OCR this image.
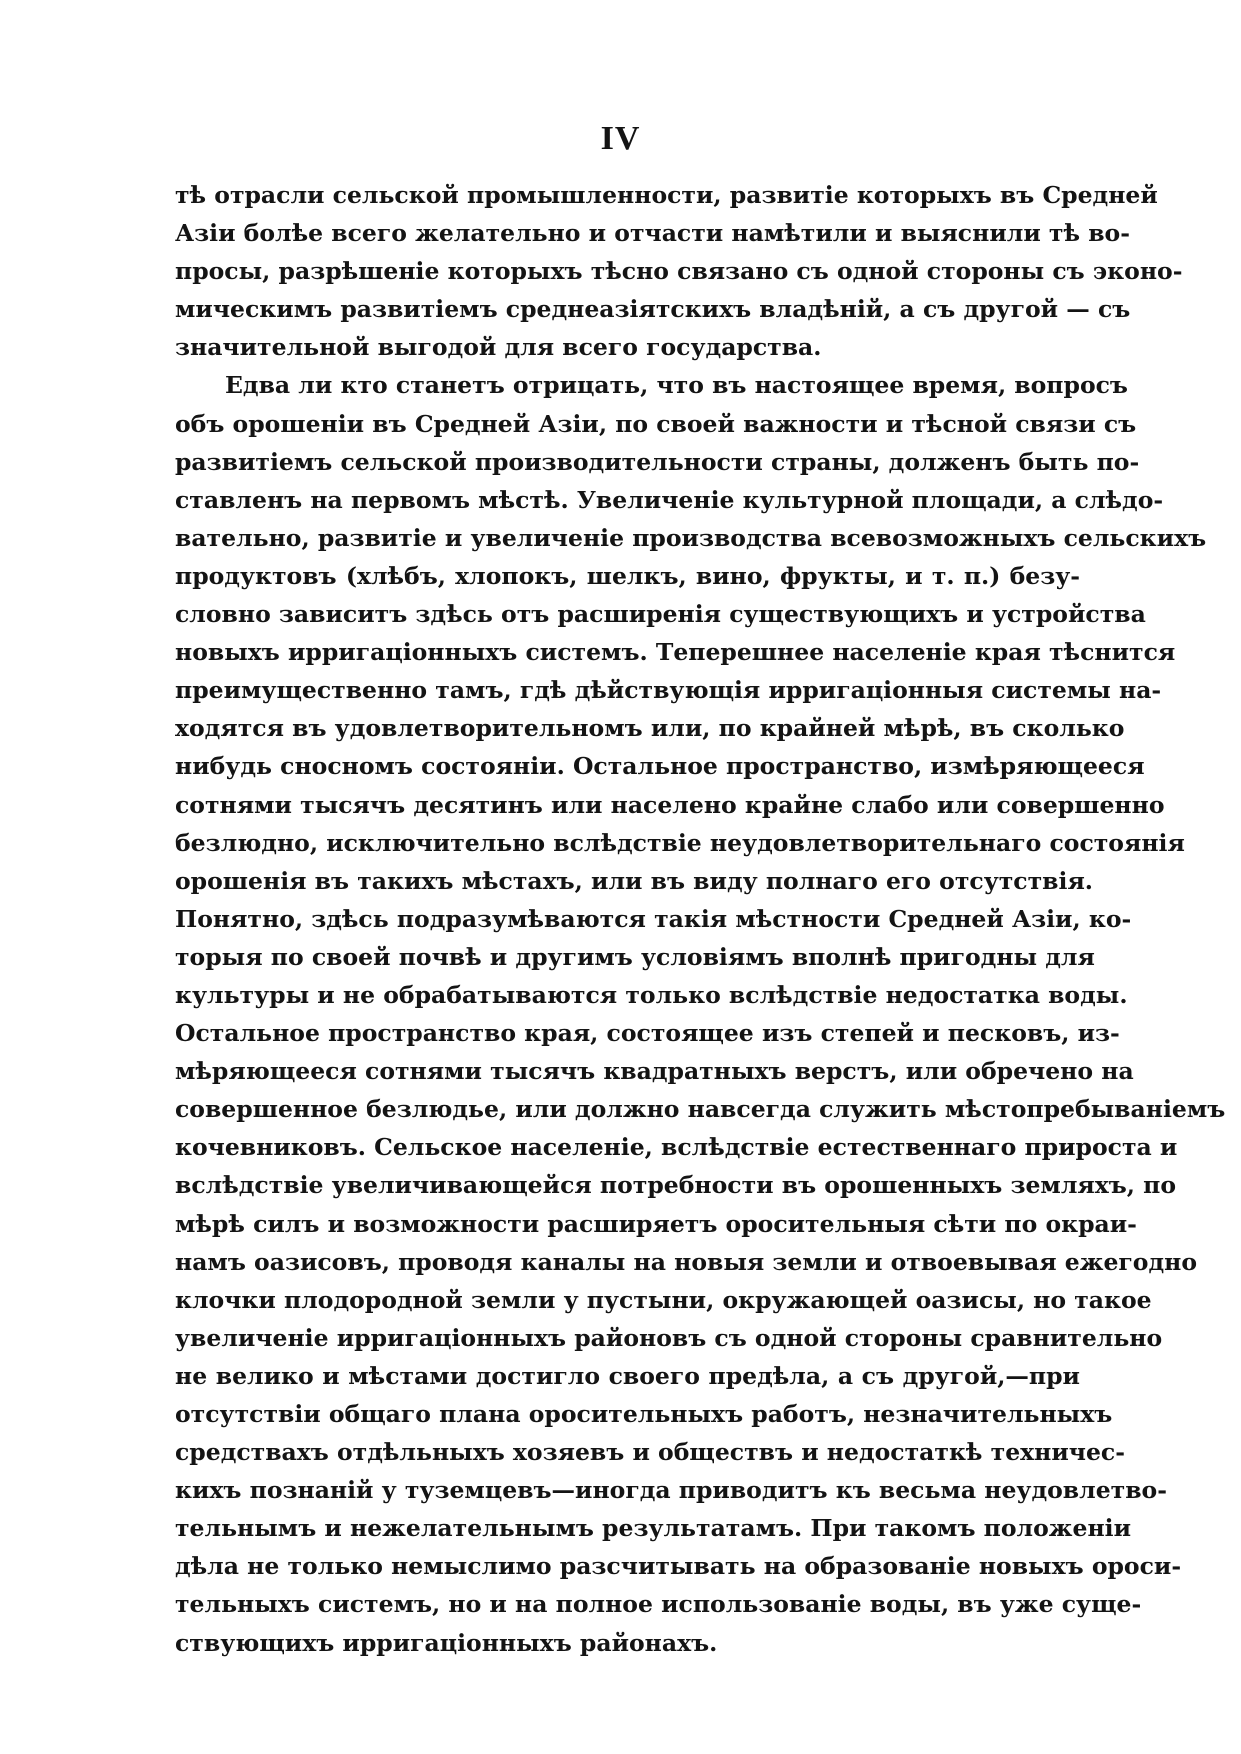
IV
тѣ отрасли сельской промышленности, развитіе которыхъ въ Средней
Азіи болѣе всего желательно и отчасти намѣтили и выяснили тѣ во-
просы, разрѣшеніе которыхъ тѣсно связано съ одной стороны съ эконо-
мическимъ развитіемъ среднеазіятскихъ владѣній, а съ другой — съ
значительной выгодой для всего государства.
Едва ли кто станетъ отрицать, что въ настоящее время, вопросъ
объ орошеніи въ Средней Азіи, по своей важности и тѣсной связи съ
развитіемъ сельской производительности страны, долженъ быть по-
ставленъ на первомъ мѣстѣ. Увеличеніе культурной площади, а слѣдо-
вательно, развитіе и увеличеніе производства всевозможныхъ сельскихъ
продуктовъ (хлѣбъ, хлопокъ, шелкъ, вино, фрукты, и т. п.) безу-
словно зависитъ здѣсь отъ расширенія существующихъ и устройства
новыхъ ирригаціонныхъ системъ. Теперешнее населеніе края тѣснится
преимущественно тамъ, гдѣ дѣйствующія ирригаціонныя системы на-
ходятся въ удовлетворительномъ или, по крайней мѣрѣ, въ сколько
нибудь сносномъ состояніи. Остальное пространство, измѣряющееся
сотнями тысячъ десятинъ или населено крайне слабо или совершенно
безлюдно, исключительно вслѣдствіе неудовлетворительнаго состоянія
орошенія въ такихъ мѣстахъ, или въ виду полнаго его отсутствія.
Понятно, здѣсь подразумѣваются такія мѣстности Средней Азіи, ко-
торыя по своей почвѣ и другимъ условіямъ вполнѣ пригодны для
культуры и не обрабатываются только вслѣдствіе недостатка воды.
Остальное пространство края, состоящее изъ степей и песковъ, из-
мѣряющееся сотнями тысячъ квадратныхъ верстъ, или обречено на
совершенное безлюдье, или должно навсегда служить мѣстопребываніемъ
кочевниковъ. Сельское населеніе, вслѣдствіе естественнаго прироста и
вслѣдствіе увеличивающейся потребности въ орошенныхъ земляхъ, по
мѣрѣ силъ и возможности расширяетъ оросительныя сѣти по окраи-
намъ оазисовъ, проводя каналы на новыя земли и отвоевывая ежегодно
клочки плодородной земли у пустыни, окружающей оазисы, но такое
увеличеніе ирригаціонныхъ районовъ съ одной стороны сравнительно
не велико и мѣстами достигло своего предѣла, а съ другой,—при
отсутствіи общаго плана оросительныхъ работъ, незначительныхъ
средствахъ отдѣльныхъ хозяевъ и обществъ и недостаткѣ техничес-
кихъ познаній у туземцевъ—иногда приводитъ къ весьма неудовлетво-
тельнымъ и нежелательнымъ результатамъ. При такомъ положеніи
дѣла не только немыслимо разсчитывать на образованіе новыхъ ороси-
тельныхъ системъ, но и на полное использованіе воды, въ уже суще-
ствующихъ ирригаціонныхъ районахъ.
